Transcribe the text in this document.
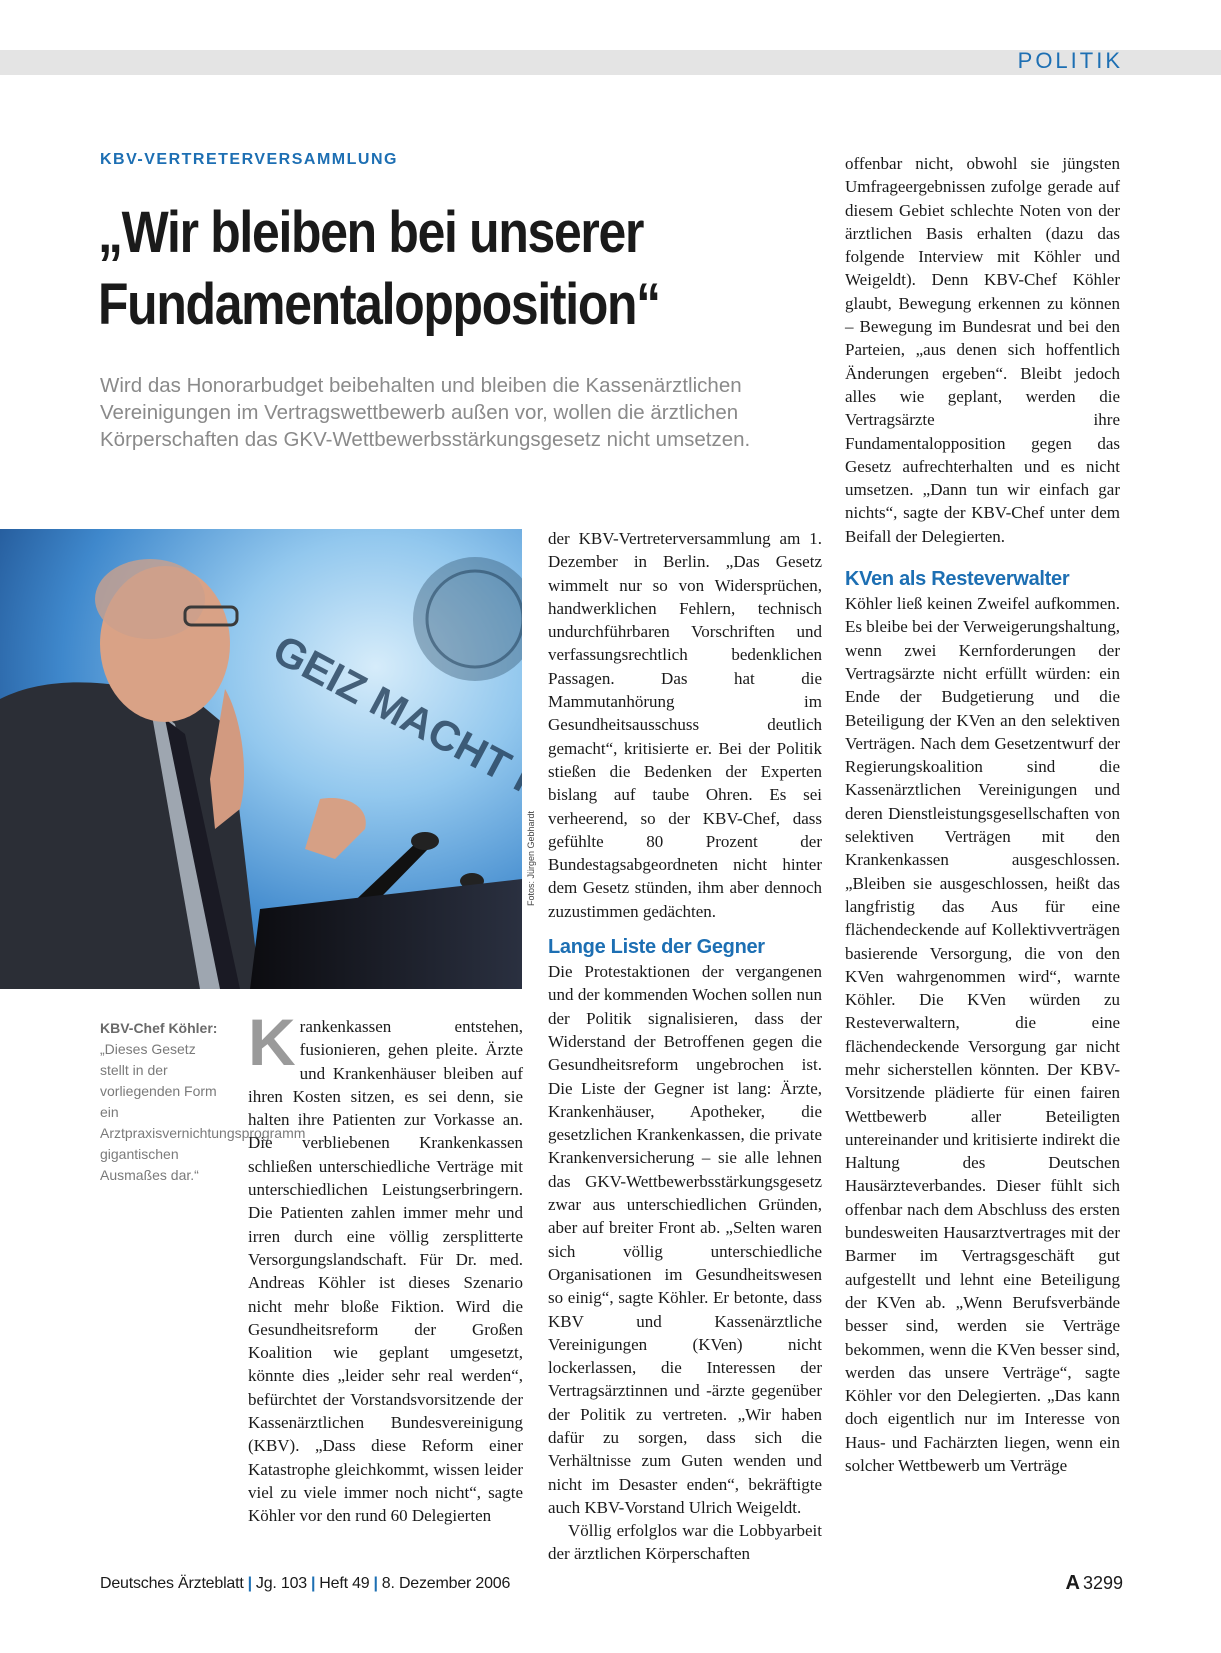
POLITIK
KBV-VERTRETERVERSAMMLUNG
„Wir bleiben bei unserer Fundamentalopposition“

Wird das Honorarbudget beibehalten und bleiben die Kassenärztlichen Vereinigungen im Vertragswettbewerb außen vor, wollen die ärztlichen Körperschaften das GKV-Wettbewerbsstärkungsgesetz nicht umsetzen.

Fotos: Jürgen Gebhardt
KBV-Chef Köhler:
„Dieses Gesetz stellt in der vorliegenden Form ein Arztpraxisvernichtungsprogramm gigantischen Ausmaßes dar.“

Krankenkassen entstehen, fusionieren, gehen pleite. Ärzte und Krankenhäuser bleiben auf ihren Kosten sitzen, es sei denn, sie halten ihre Patienten zur Vorkasse an. Die verbliebenen Krankenkassen schließen unterschiedliche Verträge mit unterschiedlichen Leistungserbringern. Die Patienten zahlen immer mehr und irren durch eine völlig zersplitterte Versorgungslandschaft. Für Dr. med. Andreas Köhler ist dieses Szenario nicht mehr bloße Fiktion. Wird die Gesundheitsreform der Großen Koalition wie geplant umgesetzt, könnte dies „leider sehr real werden“, befürchtet der Vorstandsvorsitzende der Kassenärztlichen Bundesvereinigung (KBV). „Dass diese Reform einer Katastrophe gleichkommt, wissen leider viel zu viele immer noch nicht“, sagte Köhler vor den rund 60 Delegierten

der KBV-Vertreterversammlung am 1. Dezember in Berlin. „Das Gesetz wimmelt nur so von Widersprüchen, handwerklichen Fehlern, technisch undurchführbaren Vorschriften und verfassungsrechtlich bedenklichen Passagen. Das hat die Mammutanhörung im Gesundheitsausschuss deutlich gemacht“, kritisierte er. Bei der Politik stießen die Bedenken der Experten bislang auf taube Ohren. Es sei verheerend, so der KBV-Chef, dass gefühlte 80 Prozent der Bundestagsabgeordneten nicht hinter dem Gesetz stünden, ihm aber dennoch zuzustimmen gedächten.

Lange Liste der Gegner

Die Protestaktionen der vergangenen und der kommenden Wochen sollen nun der Politik signalisieren, dass der Widerstand der Betroffenen gegen die Gesundheitsreform ungebrochen ist. Die Liste der Gegner ist lang: Ärzte, Krankenhäuser, Apotheker, die gesetzlichen Krankenkassen, die private Krankenversicherung – sie alle lehnen das GKV-Wettbewerbsstärkungsgesetz zwar aus unterschiedlichen Gründen, aber auf breiter Front ab. „Selten waren sich völlig unterschiedliche Organisationen im Gesundheitswesen so einig“, sagte Köhler. Er betonte, dass KBV und Kassenärztliche Vereinigungen (KVen) nicht lockerlassen, die Interessen der Vertragsärztinnen und -ärzte gegenüber der Politik zu vertreten. „Wir haben dafür zu sorgen, dass sich die Verhältnisse zum Guten wenden und nicht im Desaster enden“, bekräftigte auch KBV-Vorstand Ulrich Weigeldt.

Völlig erfolglos war die Lobbyarbeit der ärztlichen Körperschaften

offenbar nicht, obwohl sie jüngsten Umfrageergebnissen zufolge gerade auf diesem Gebiet schlechte Noten von der ärztlichen Basis erhalten (dazu das folgende Interview mit Köhler und Weigeldt). Denn KBV-Chef Köhler glaubt, Bewegung erkennen zu können – Bewegung im Bundesrat und bei den Parteien, „aus denen sich hoffentlich Änderungen ergeben“. Bleibt jedoch alles wie geplant, werden die Vertragsärzte ihre Fundamentalopposition gegen das Gesetz aufrechterhalten und es nicht umsetzen. „Dann tun wir einfach gar nichts“, sagte der KBV-Chef unter dem Beifall der Delegierten.

KVen als Resteverwalter

Köhler ließ keinen Zweifel aufkommen. Es bleibe bei der Verweigerungshaltung, wenn zwei Kernforderungen der Vertragsärzte nicht erfüllt würden: ein Ende der Budgetierung und die Beteiligung der KVen an den selektiven Verträgen. Nach dem Gesetzentwurf der Regierungskoalition sind die Kassenärztlichen Vereinigungen und deren Dienstleistungsgesellschaften von selektiven Verträgen mit den Krankenkassen ausgeschlossen. „Bleiben sie ausgeschlossen, heißt das langfristig das Aus für eine flächendeckende auf Kollektivverträgen basierende Versorgung, die von den KVen wahrgenommen wird“, warnte Köhler. Die KVen würden zu Resteverwaltern, die eine flächendeckende Versorgung gar nicht mehr sicherstellen könnten. Der KBV-Vorsitzende plädierte für einen fairen Wettbewerb aller Beteiligten untereinander und kritisierte indirekt die Haltung des Deutschen Hausärzteverbandes. Dieser fühlt sich offenbar nach dem Abschluss des ersten bundesweiten Hausarztvertrages mit der Barmer im Vertragsgeschäft gut aufgestellt und lehnt eine Beteiligung der KVen ab. „Wenn Berufsverbände besser sind, werden sie Verträge bekommen, wenn die KVen besser sind, werden das unsere Verträge“, sagte Köhler vor den Delegierten. „Das kann doch eigentlich nur im Interesse von Haus- und Fachärzten liegen, wenn ein solcher Wettbewerb um Verträge

Deutsches Ärzteblatt | Jg. 103 | Heft 49 | 8. Dezember 2006	A 3299
